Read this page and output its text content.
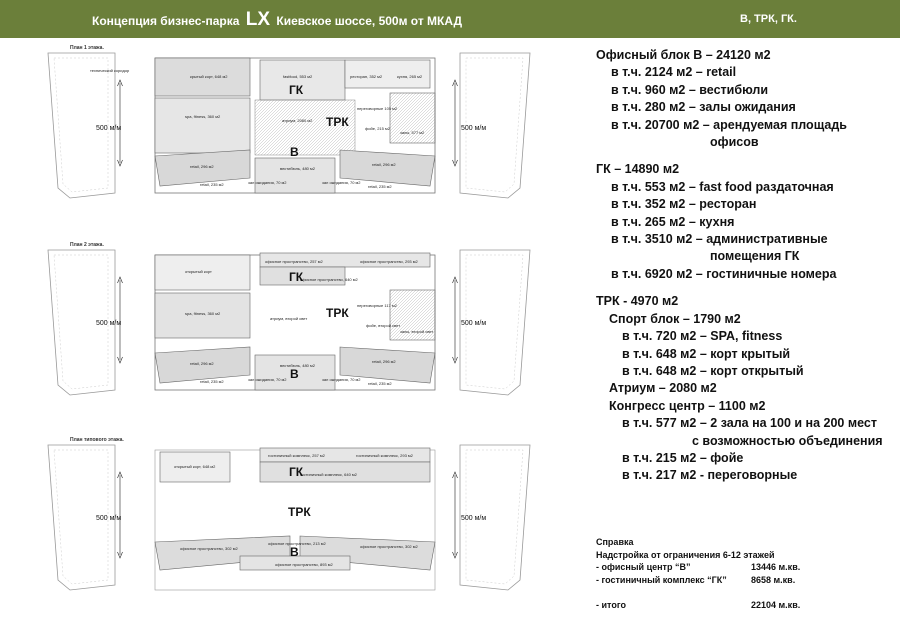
Концепция бизнес-парка LX Киевское шоссе, 500м от МКАД	В, ТРК, ГК.
План 1 этажа.
технический коридор
крытый корт, 648 м2	fastfood, 553 м2	ресторан, 352 м2	кухня, 265 м2
spa, fitness, 360 м2
атриум, 2080 м2
переговорные 105 м2
фойе, 215 м2
залы, 577 м2
retail, 296 м2	вестибюль, 480 м2
retail, 296 м2
retail, 235 м2	зал ожидания, 70 м2	зал ожидания, 70 м2
retail, 235 м2
ГК
ТРК
В
500 м/м	500 м/м
План 2 этажа.
офисное пространство, 257 м2	офисное пространство, 293 м2
открытый корт
офисное пространство, 640 м2
spa, fitness, 360 м2
атриум, второй свет
переговорные 117 м2
фойе, второй свет
залы, второй свет
retail, 296 м2	вестибюль, 480 м2
retail, 296 м2
retail, 235 м2	зал ожидания, 70 м2	зал ожидания, 70 м2
retail, 235 м2
ГК
ТРК
В
500 м/м	500 м/м
План типового этажа.
гостиничный комплекс, 257 м2	гостиничный комплекс, 293 м2
открытый корт, 648 м2
гостиничный комплекс, 640 м2
офисное пространство, 302 м2
офисное пространство, 213 м2
офисное пространство, 302 м2
офисное пространство, 893 м2
ГК
ТРК
В
500 м/м	500 м/м
Офисный блок В – 24120 м2
в т.ч. 2124 м2 – retail
в т.ч. 960 м2 – вестибюли
в т.ч. 280 м2 – залы ожидания
в т.ч. 20700 м2 – арендуемая площадь
офисов
ГК – 14890 м2
в т.ч. 553 м2 – fast food раздаточная
в т.ч. 352 м2 – ресторан
в т.ч. 265 м2 – кухня
в т.ч. 3510 м2 – административные
помещения ГК
в т.ч. 6920 м2 – гостиничные номера
ТРК - 4970 м2
Спорт блок – 1790 м2
в т.ч. 720 м2 – SPA, fitness
в т.ч. 648 м2 – корт крытый
в т.ч. 648 м2 – корт открытый
Атриум – 2080 м2
Конгресс центр – 1100 м2
в т.ч. 577 м2 – 2 зала на 100 и на 200 мест
с возможностью объединения
в т.ч. 215 м2 – фойе
в т.ч. 217 м2 - переговорные
Справка
Надстройка от ограничения 6-12 этажей
- офисный центр “В”	13446 м.кв.
- гостиничный комплекс “ГК”	8658 м.кв.
- итого	22104 м.кв.
